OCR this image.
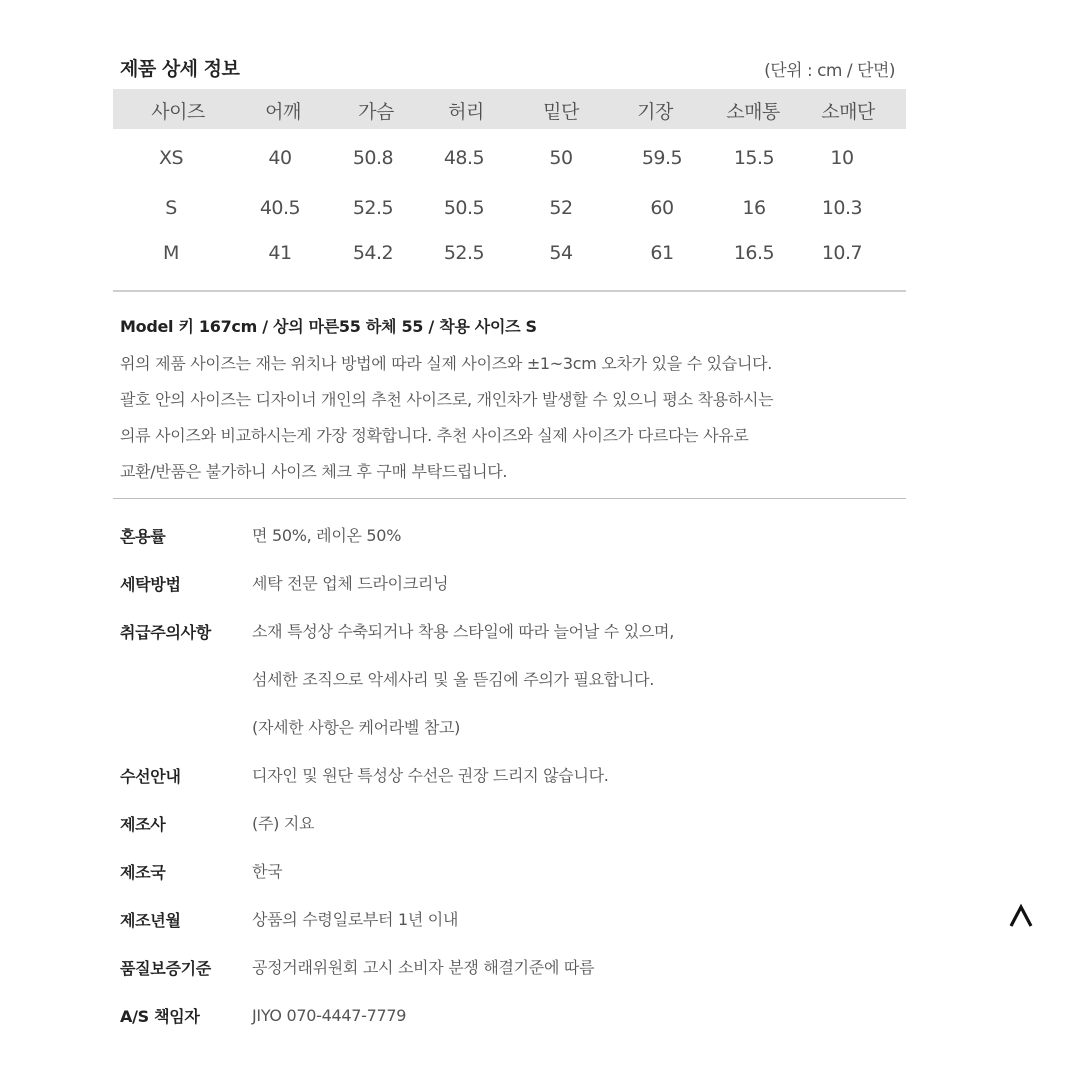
제품 상세 정보	(단위 : cm / 단면)
사이즈	어깨	가슴	허리	밑단	기장	소매통	소매단
XS	40	50.8	48.5	50	59.5	15.5	10
S	40.5	52.5	50.5	52	60	16	10.3
M	41	54.2	52.5	54	61	16.5	10.7
Model 키 167cm / 상의 마른55 하체 55 / 착용 사이즈 S
위의 제품 사이즈는 재는 위치나 방법에 따라 실제 사이즈와 ±1~3cm 오차가 있을 수 있습니다.
괄호 안의 사이즈는 디자이너 개인의 추천 사이즈로, 개인차가 발생할 수 있으니 평소 착용하시는
의류 사이즈와 비교하시는게 가장 정확합니다. 추천 사이즈와 실제 사이즈가 다르다는 사유로
교환/반품은 불가하니 사이즈 체크 후 구매 부탁드립니다.
혼용률	면 50%, 레이온 50%
세탁방법	세탁 전문 업체 드라이크리닝
취급주의사항	소재 특성상 수축되거나 착용 스타일에 따라 늘어날 수 있으며,
섬세한 조직으로 악세사리 및 올 뜯김에 주의가 필요합니다.
(자세한 사항은 케어라벨 참고)
수선안내	디자인 및 원단 특성상 수선은 권장 드리지 않습니다.
제조사	(주) 지요
제조국	한국
제조년월	상품의 수령일로부터 1년 이내
품질보증기준	공정거래위원회 고시 소비자 분쟁 해결기준에 따름
A/S 책임자	JIYO 070-4447-7779
